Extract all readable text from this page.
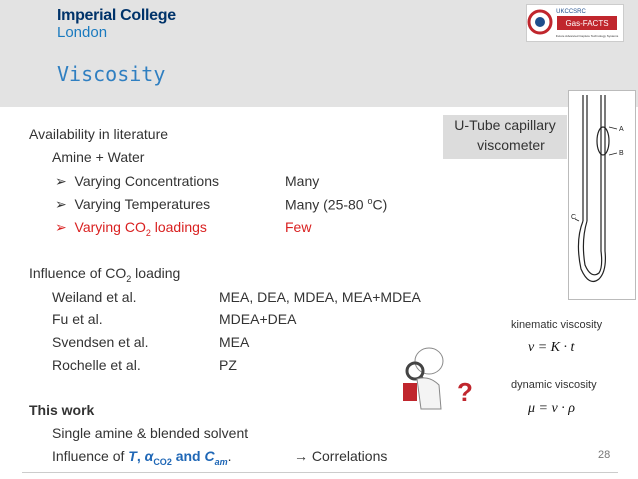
Imperial College
London
UKCCSRC
Gas-FACTS
Future Advanced Capture Technology Systems
Viscosity
Availability in literature
Amine + Water
➢ Varying Concentrations	Many
➢ Varying Temperatures	Many (25-80 $^o$C)
➢ Varying $CO_2$ loadings	Few
Influence of $CO_2$ loading
Weiland et al.	MEA, DEA, MDEA, MEA+MDEA
Fu et al.	MDEA+DEA
Svendsen et al.	MEA
Rochelle et al.	PZ
This work
Single amine & blended solvent
Influence of T, $\alpha_{CO2}$ and $C_{am}$.	→ Correlations
U-Tube capillary
viscometer
A
B
C
?
kinematic viscosity
ν = K · t
dynamic viscosity
μ = ν · ρ
28
